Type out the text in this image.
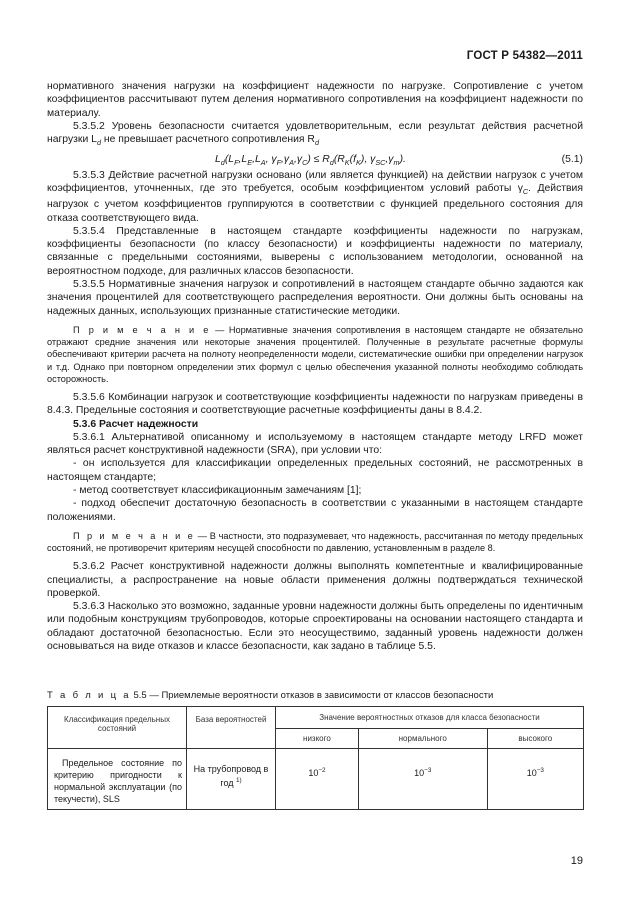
ГОСТ Р 54382—2011

нормативного значения нагрузки на коэффициент надежности по нагрузке. Сопротивление с учетом коэффициентов рассчитывают путем деления нормативного сопротивления на коэффициент надежности по материалу.

5.3.5.2 Уровень безопасности считается удовлетворительным, если результат действия расчетной нагрузки $L_d$ не превышает расчетного сопротивления $R_d$

$L_d(L_F,L_E,L_A$, $\gamma_F,\gamma_A,\gamma_C) \le R_d(R_K(f_K)$, $\gamma_{SC},\gamma_m$).	(5.1)

5.3.5.3 Действие расчетной нагрузки основано (или является функцией) на действии нагрузок с учетом коэффициентов, уточненных, где это требуется, особым коэффициентом условий работы $\gamma_C$. Действия нагрузок с учетом коэффициентов группируются в соответствии с функцией предельного состояния для отказа соответствующего вида.

5.3.5.4 Представленные в настоящем стандарте коэффициенты надежности по нагрузкам, коэффициенты безопасности (по классу безопасности) и коэффициенты надежности по материалу, связанные с предельными состояниями, выверены с использованием методологии, основанной на вероятностном подходе, для различных классов безопасности.

5.3.5.5 Нормативные значения нагрузок и сопротивлений в настоящем стандарте обычно задаются как значения процентилей для соответствующего распределения вероятности. Они должны быть основаны на надежных данных, использующих признанные статистические методики.

П р и м е ч а н и е — Нормативные значения сопротивления в настоящем стандарте не обязательно отражают средние значения или некоторые значения процентилей. Полученные в результате расчетные формулы обеспечивают критерии расчета на полноту неопределенности модели, систематические ошибки при определении нагрузок и т.д. Однако при повторном определении этих формул с целью обеспечения указанной полноты необходимо соблюдать осторожность.

5.3.5.6 Комбинации нагрузок и соответствующие коэффициенты надежности по нагрузкам приведены в 8.4.3. Предельные состояния и соответствующие расчетные коэффициенты даны в 8.4.2.

5.3.6 Расчет надежности

5.3.6.1 Альтернативой описанному и используемому в настоящем стандарте методу LRFD может являться расчет конструктивной надежности (SRA), при условии что:

- он используется для классификации определенных предельных состояний, не рассмотренных в настоящем стандарте;

- метод соответствует классификационным замечаниям [1];

- подход обеспечит достаточную безопасность в соответствии с указанными в настоящем стандарте положениями.

П р и м е ч а н и е — В частности, это подразумевает, что надежность, рассчитанная по методу предельных состояний, не противоречит критериям несущей способности по давлению, установленным в разделе 8.

5.3.6.2 Расчет конструктивной надежности должны выполнять компетентные и квалифицированные специалисты, а распространение на новые области применения должны подтверждаться технической проверкой.

5.3.6.3 Насколько это возможно, заданные уровни надежности должны быть определены по идентичным или подобным конструкциям трубопроводов, которые спроектированы на основании настоящего стандарта и обладают достаточной безопасностью. Если это неосуществимо, заданный уровень надежности должен основываться на виде отказов и классе безопасности, как задано в таблице 5.5.

Т а б л и ц а 5.5 — Приемлемые вероятности отказов в зависимости от классов безопасности
Классификация предельных состояний	База вероятностей	Значение вероятностных отказов для класса безопасности		
		низкого	нормального	высокого
Предельное состояние по критерию пригодности к нормальной эксплуатации (по текучести), SLS	На трубопровод в год $^{1)}$	$10^{-2}$	$10^{-3}$	$10^{-3}$
19
